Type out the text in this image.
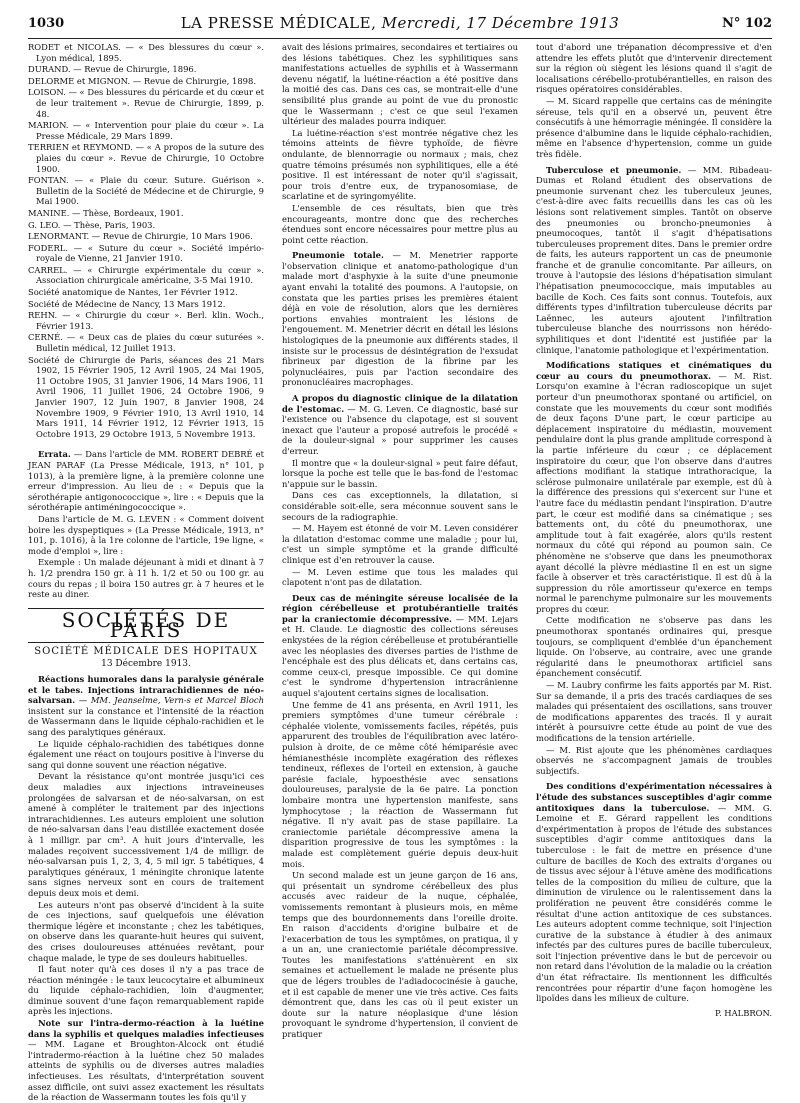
1030	LA PRESSE MÉDICALE, Mercredi, 17 Décembre 1913	N° 102

RODET et NICOLAS. — « Des blessures du cœur ». Lyon médical, 1895.

DURAND. — Revue de Chirurgie, 1896.

DELORME et MIGNON. — Revue de Chirurgie, 1898.

LOISON. — « Des blessures du péricarde et du cœur et de leur traitement ». Revue de Chirurgie, 1899, p. 48.

MARION. — « Intervention pour plaie du cœur ». La Presse Médicale, 29 Mars 1899.

TERRIEN et REYMOND. — « A propos de la suture des plaies du cœur ». Revue de Chirurgie, 10 Octobre 1900.

FONTAN. — « Plaie du cœur. Suture. Guérison ». Bulletin de la Société de Médecine et de Chirurgie, 9 Mai 1900.

MANINE. — Thèse, Bordeaux, 1901.

G. LEO. — Thèse, Paris, 1903.

LENORMANT. — Revue de Chirurgie, 10 Mars 1906.

FODERL. — « Suture du cœur ». Société império-royale de Vienne, 21 Janvier 1910.

CARREL. — « Chirurgie expérimentale du cœur ». Association chirurgicale américaine, 3-5 Mai 1910.

Société anatomique de Nantes, 1er Février 1912.

Société de Médecine de Nancy, 13 Mars 1912.

REHN. — « Chirurgie du cœur ». Berl. klin. Woch., Février 1913.

CERNÉ. — « Deux cas de plaies du cœur suturées ». Bulletin médical, 12 Juillet 1913.

Société de Chirurgie de Paris, séances des 21 Mars 1902, 15 Février 1905, 12 Avril 1905, 24 Mai 1905, 11 Octobre 1905, 31 Janvier 1906, 14 Mars 1906, 11 Avril 1906, 11 Juillet 1906, 24 Octobre 1906, 9 Janvier 1907, 12 Juin 1907, 8 Janvier 1908, 24 Novembre 1909, 9 Février 1910, 13 Avril 1910, 14 Mars 1911, 14 Février 1912, 12 Février 1913, 15 Octobre 1913, 29 Octobre 1913, 5 Novembre 1913.

Errata. — Dans l'article de MM. ROBERT DEBRÉ et JEAN PARAF (La Presse Médicale, 1913, n° 101, p 1013), à la première ligne, à la première colonne une erreur d'impression. Au lieu de : « Depuis que la sérothérapie antigonococcique », lire : « Depuis que la sérothérapie antiméningococcique ».

Dans l'article de M. G. LEVEN : « Comment doivent boire les dyspeptiques » (La Presse Médicale, 1913, n° 101, p. 1016), à la 1re colonne de l'article, 19e ligne, « mode d'emploi », lire :

Exemple : Un malade déjeunant à midi et dinant à 7 h. 1/2 prendra 150 gr. à 11 h. 1/2 et 50 ou 100 gr. au cours du repas ; il boira 150 autres gr. à 7 heures et le reste au diner.

SOCIÉTÉS DE PARIS
SOCIÉTÉ MÉDICALE DES HOPITAUX
13 Décembre 1913.

Réactions humorales dans la paralysie générale et le tabes. Injections intrarachidiennes de néo-salvarsan. — MM. Jeanselme, Vern-s et Marcel Bloch insistent sur la constance et l'intensité de la réaction de Wassermann dans le liquide céphalo-rachidien et le sang des paralytiques généraux.

Le liquide céphalo-rachidien des tabétiques donne également une réact on toujours positive à l'inverse du sang qui donne souvent une réaction négative.

Devant la résistance qu'ont montrée jusqu'ici ces deux maladies aux injections intraveineuses prolongées de salvarsan et de néo-salvarsan, on est amené à compléter le traitement par des injections intrarachidiennes. Les auteurs emploient une solution de néo-salvarsan dans l'eau distillée exactement dosée à 1 milligr. par cm³. A huit jours d'intervalle, les malades reçoivent successivement 1/4 de milligr. de néo-salvarsan puis 1, 2, 3, 4, 5 mil igr. 5 tabétiques, 4 paralytiques généraux, 1 méningite chronique latente sans signes nerveux sont en cours de traitement depuis deux mois et demi.

Les auteurs n'ont pas observé d'incident à la suite de ces injections, sauf quelquefois une élévation thermique légère et inconstante ; chez les tabétiques, on observe dans les quarante-huit heures qui suivent, des crises douloureuses atténuées revêtant, pour chaque malade, le type de ses douleurs habituelles.

Il faut noter qu'à ces doses il n'y a pas trace de réaction méningée : le taux leucocytaire et albumineux du liquide céphalo-rachidien, loin d'augmenter, diminue souvent d'une façon remarquablement rapide après les injections.

Note sur l'intra-dermo-réaction à la luétine dans la syphilis et quelques maladies infectieuses — MM. Lagane et Broughton-Alcock ont étudié l'intradermo-réaction à la luétine chez 50 malades atteints de syphilis ou de diverses autres maladies infectieuses. Les résultats, d'interprétation souvent assez difficile, ont suivi assez exactement les résultats de la réaction de Wassermann toutes les fois qu'il y

avait des lésions primaires, secondaires et tertiaires ou des lésions tabétiques. Chez les syphilitiques sans manifestations actuelles de syphilis et à Wassermann devenu négatif, la luétine-réaction a été positive dans la moitié des cas. Dans ces cas, se montrait-elle d'une sensibilité plus grande au point de vue du pronostic que le Wassermann ; c'est ce que seul l'examen ultérieur des malades pourra indiquer.

La luétine-réaction s'est montrée négative chez les témoins atteints de fièvre typhoïde, de fièvre ondulante, de blennorragie ou normaux ; mais, chez quatre témoins présumés non syphilitiques, elle a été positive. Il est intéressant de noter qu'il s'agissait, pour trois d'entre eux, de trypanosomiase, de scarlatine et de syringomyélite.

L'ensemble de ces résultats, bien que très encourageants, montre donc que des recherches étendues sont encore nécessaires pour mettre plus au point cette réaction.

Pneumonie totale. — M. Menetrier rapporte l'observation clinique et anatomo-pathologique d'un malade mort d'asphyxie à la suite d'une pneumonie ayant envahi la totalité des poumons. A l'autopsie, on constata que les parties prises les premières étaient déjà en voie de résolution, alors que les dernières portions envahies montraient les lésions de l'engouement. M. Menetrier décrit en détail les lésions histologiques de la pneumonie aux différents stades, il insiste sur le processus de désintégration de l'exsudat fibrineux par digestion de la fibrine par les polynucléaires, puis par l'action secondaire des prononucléaires macrophages.

A propos du diagnostic clinique de la dilatation de l'estomac. — M. G. Leven. Ce diagnostic, basé sur l'existence ou l'absence du clapotage, est si souvent inexact que l'auteur a proposé autrefois le procédé « de la douleur-signal » pour supprimer les causes d'erreur.

Il montre que « la douleur-signal » peut faire défaut, lorsque la poche est telle que le bas-fond de l'estomac n'appuie sur le bassin.

Dans ces cas exceptionnels, la dilatation, si considérable soit-elle, sera méconnue souvent sans le secours de la radiographie.

— M. Hayem est étonné de voir M. Leven considérer la dilatation d'estomac comme une maladie ; pour lui, c'est un simple symptôme et la grande difficulté clinique est d'en retrouver la cause.

— M. Leven estime que tous les malades qui clapotent n'ont pas de dilatation.

Deux cas de méningite séreuse localisée de la région cérébelleuse et protubérantielle traités par la craniectomie décompressive. — MM. Lejars et H. Claude. Le diagnostic des collections séreuses enkystées de la région cérébelleuse et protubérantielle avec les néoplasies des diverses parties de l'isthme de l'encéphale est des plus délicats et, dans certains cas, comme ceux-ci, presque impossible. Ce qui domine c'est le syndrome d'hypertension intracrânienne auquel s'ajoutent certains signes de localisation.

Une femme de 41 ans présenta, en Avril 1911, les premiers symptômes d'une tumeur cérébrale : céphalée violente, vomissements faciles, répétés, puis apparurent des troubles de l'équilibration avec latéro-pulsion à droite, de ce même côté hémiparésie avec hémianesthésie incomplète exagération des réflexes tendineux, réflexes de l'orteil en extension, à gauche parésie faciale, hypoesthésie avec sensations douloureuses, paralysie de la 6e paire. La ponction lombaire montra une hypertension manifeste, sans lymphocytose ; la réaction de Wassermann fut négative. Il n'y avait pas de stase papillaire. La craniectomie pariétale décompressive amena la disparition progressive de tous les symptômes : la malade est complètement guérie depuis deux-huit mois.

Un second malade est un jeune garçon de 16 ans, qui présentait un syndrome cérébelleux des plus accusés avec raideur de la nuque, céphalée, vomissements remontant à plusieurs mois, en même temps que des bourdonnements dans l'oreille droite. En raison d'accidents d'origine bulbaire et de l'exacerbation de tous les symptômes, on pratiqua, il y a un an, une craniectomie pariétale décompressive. Toutes les manifestations s'atténuèrent en six semaines et actuellement le malade ne présente plus que de légers troubles de l'adiadococinésie à gauche, et il est capable de mener une vie très active. Ces faits démontrent que, dans les cas où il peut exister un doute sur la nature néoplasique d'une lésion provoquant le syndrome d'hypertension, il convient de pratiquer

tout d'abord une trépanation décompressive et d'en attendre les effets plutôt que d'intervenir directement sur la région où siègent les lésions quand il s'agit de localisations cérébello-protubérantielles, en raison des risques opératoires considérables.

— M. Sicard rappelle que certains cas de méningite séreuse, tels qu'il en a observé un, peuvent être consécutifs à une hémorragie méningée. Il considère la présence d'albumine dans le liquide céphalo-rachidien, même en l'absence d'hypertension, comme un guide très fidèle.

Tuberculose et pneumonie. — MM. Ribadeau-Dumas et Roland étudient des observations de pneumonie survenant chez les tuberculeux jeunes, c'est-à-dire avec faits recueillis dans les cas où les lésions sont relativement simples. Tantôt on observe des pneumonies ou broncho-pneumonies à pneumocoques, tantôt il s'agit d'hépatisations tuberculeuses proprement dites. Dans le premier ordre de faits, les auteurs rapportent un cas de pneumonie franche et de granulie concomitante. Par ailleurs, on trouve à l'autopsie des lésions d'hépatisation simulant l'hépatisation pneumococcique, mais imputables au bacille de Koch. Ces faits sont connus. Toutefois, aux différents types d'infiltration tuberculeuse décrits par Laënnec, les auteurs ajoutent l'infiltration tuberculeuse blanche des nourrissons non hérédo-syphilitiques et dont l'identité est justifiée par la clinique, l'anatomie pathologique et l'expérimentation.

Modifications statiques et cinématiques du cœur au cours du pneumothorax. — M. Rist. Lorsqu'on examine à l'écran radioscopique un sujet porteur d'un pneumothorax spontané ou artificiel, on constate que les mouvements du cœur sont modifiés de deux façons D'une part, le cœur participe au déplacement inspiratoire du médiastin, mouvement pendulaire dont la plus grande amplitude correspond à la partie inférieure du cœur ; ce déplacement inspiratoire du cœur, que l'on observe dans d'autres affections modifiant la statique intrathoracique, la sclérose pulmonaire unilatérale par exemple, est dû à la différence des pressions qui s'exercent sur l'une et l'autre face du médiastin pendant l'inspiration. D'autre part, le cœur est modifié dans sa cinématique ; ses battements ont, du côté du pneumothorax, une amplitude tout à fait exagérée, alors qu'ils restent normaux du côté qui répond au poumon sain. Ce phénomène ne s'observe que dans les pneumothorax ayant décollé la plèvre médiastine Il en est un signe facile à observer et très caractéristique. Il est dû à la suppression du rôle amortisseur qu'exerce en temps normal le parenchyme pulmonaire sur les mouvements propres du cœur.

Cette modification ne s'observe pas dans les pneumothorax spontanés ordinaires qui, presque toujours, se compliquent d'emblée d'un épanchement liquide. On l'observe, au contraire, avec une grande régularité dans le pneumothorax artificiel sans épanchement consécutif.

— M. Laubry confirme les faits apportés par M. Rist. Sur sa demande, il a pris des tracés cardiaques de ses malades qui présentaient des oscillations, sans trouver de modifications apparentes des tracés. Il y aurait intérêt à poursuivre cette étude au point de vue des modifications de la tension artérielle.

— M. Rist ajoute que les phénomènes cardiaques observés ne s'accompagnent jamais de troubles subjectifs.

Des conditions d'expérimentation nécessaires à l'étude des substances susceptibles d'agir comme antitoxiques dans la tuberculose. — MM. G. Lemoine et E. Gérard rappellent les conditions d'expérimentation à propos de l'étude des substances susceptibles d'agir comme antitoxiques dans la tuberculose : le fait de mettre en présence d'une culture de bacilles de Koch des extraits d'organes ou de tissus avec séjour à l'étuve amène des modifications telles de la composition du milieu de culture, que la diminution de virulence ou le ralentissement dans la prolifération ne peuvent être considérés comme le résultat d'une action antitoxique de ces substances. Les auteurs adoptent comme technique, soit l'injection curative de la substance à étudier à des animaux infectés par des cultures pures de bacille tuberculeux, soit l'injection préventive dans le but de percevoir ou non retard dans l'évolution de la maladie ou la création d'un état réfractaire. Ils mentionnent les difficultés rencontrées pour répartir d'une façon homogène les lipoïdes dans les milieux de culture.

P. HALBRON.
